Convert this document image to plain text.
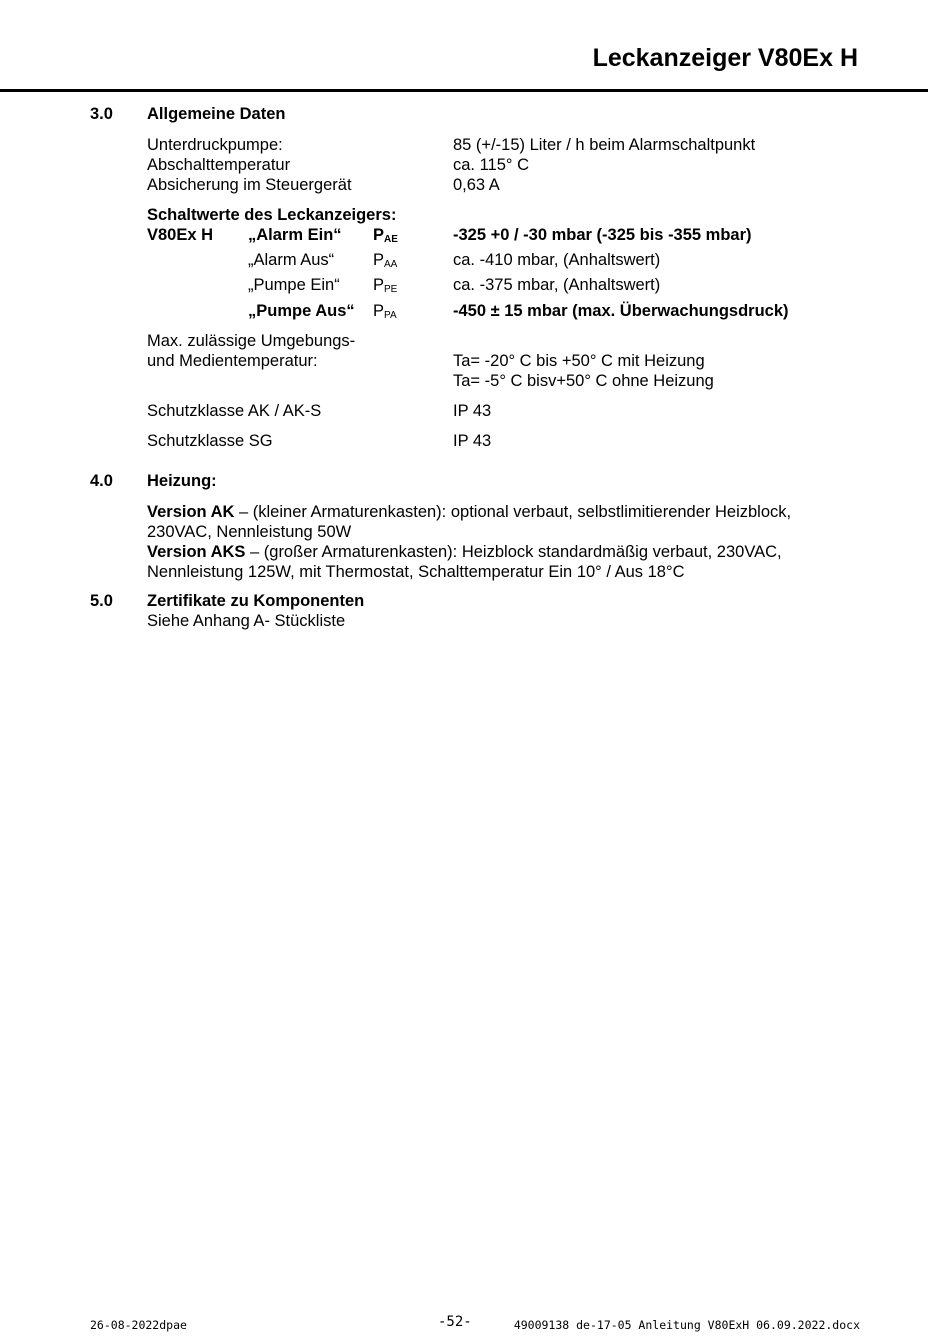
Leckanzeiger V80Ex H
3.0 Allgemeine Daten
Unterdruckpumpe:	85 (+/-15) Liter / h beim Alarmschaltpunkt
Abschalttemperatur	ca. 115° C
Absicherung im Steuergerät	0,63 A
Schaltwerte des Leckanzeigers:
V80Ex H „Alarm Ein“ $P_{AE}$	-325 +0 / -30 mbar (-325 bis -355 mbar)
„Alarm Aus“ $P_{AA}$	ca. -410 mbar, (Anhaltswert)
„Pumpe Ein“ $P_{PE}$	ca. -375 mbar, (Anhaltswert)
„Pumpe Aus“ $P_{PA}$	-450 ± 15 mbar (max. Überwachungsdruck)
Max. zulässige Umgebungs-
und Medientemperatur:	Ta= -20° C bis +50° C mit Heizung
Ta= -5° C bisv+50° C ohne Heizung
Schutzklasse AK / AK-S	IP 43
Schutzklasse SG	IP 43
4.0 Heizung:
Version AK – (kleiner Armaturenkasten): optional verbaut, selbstlimitierender Heizblock, 230VAC, Nennleistung 50W
Version AKS – (großer Armaturenkasten): Heizblock standardmäßig verbaut, 230VAC, Nennleistung 125W, mit Thermostat, Schalttemperatur Ein 10° / Aus 18°C
5.0 Zertifikate zu Komponenten
Siehe Anhang A- Stückliste
26-08-2022dpae	-52-	49009138 de-17-05 Anleitung V80ExH 06.09.2022.docx
